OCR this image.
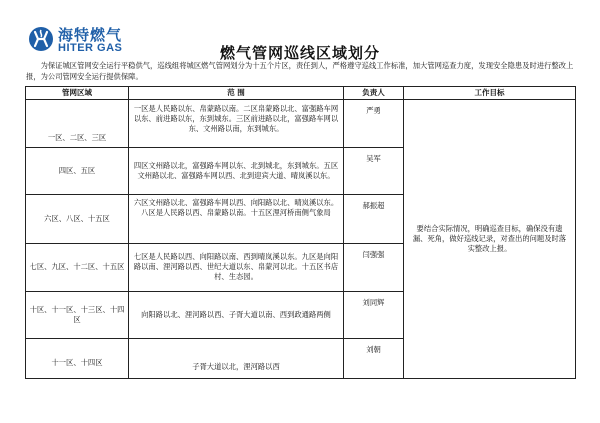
海特燃气
HITER GAS	燃气管网巡线区域划分
为保证城区管网安全运行平稳供气，巡线组将城区燃气管网划分为十五个片区，责任到人，严格遵守巡线工作标准，加大管网巡查力度，发现安全隐患及时进行整改上报，为公司管网安全运行提供保障。
管网区域	范 围	负责人	工作目标
一区、二区、三区	一区是人民路以东、帛蒙路以南。二区帛蒙路以北、富强路车网以东、前进路以东，东到城东。三区前进路以北，富强路车网以东、文州路以南，东到城东。	严勇	要结合实际情况，明确巡查目标，确保没有遗漏、死角，做好巡线记录，对查出的问题及时落实整改上报。
四区、五区	四区文州路以北，富强路车网以东、北到城北，东到城东。五区文州路以北、富强路车网以西、北到迎宾大道、晴岚溪以东。	吴军	
六区、八区、十五区	六区文州路以北、富强路车网以西、向阳路以北、晴岚溪以东。八区是人民路以西、帛蒙路以南。十五区浬河桥南侧气象局	郝振超	
七区、九区、十二区、十五区	七区是人民路以西、向阳路以南、西到晴岚溪以东。九区是向阳路以南、浬河路以西、世纪大道以东、帛蒙河以北。十五区书店村、生态园。	闫强强	
十区、十一区、十三区、十四区	向阳路以北、浬河路以西、子胥大道以南、西到政通路两侧	刘同辉	
十一区、十四区	子胥大道以北，浬河路以西	刘朝	
